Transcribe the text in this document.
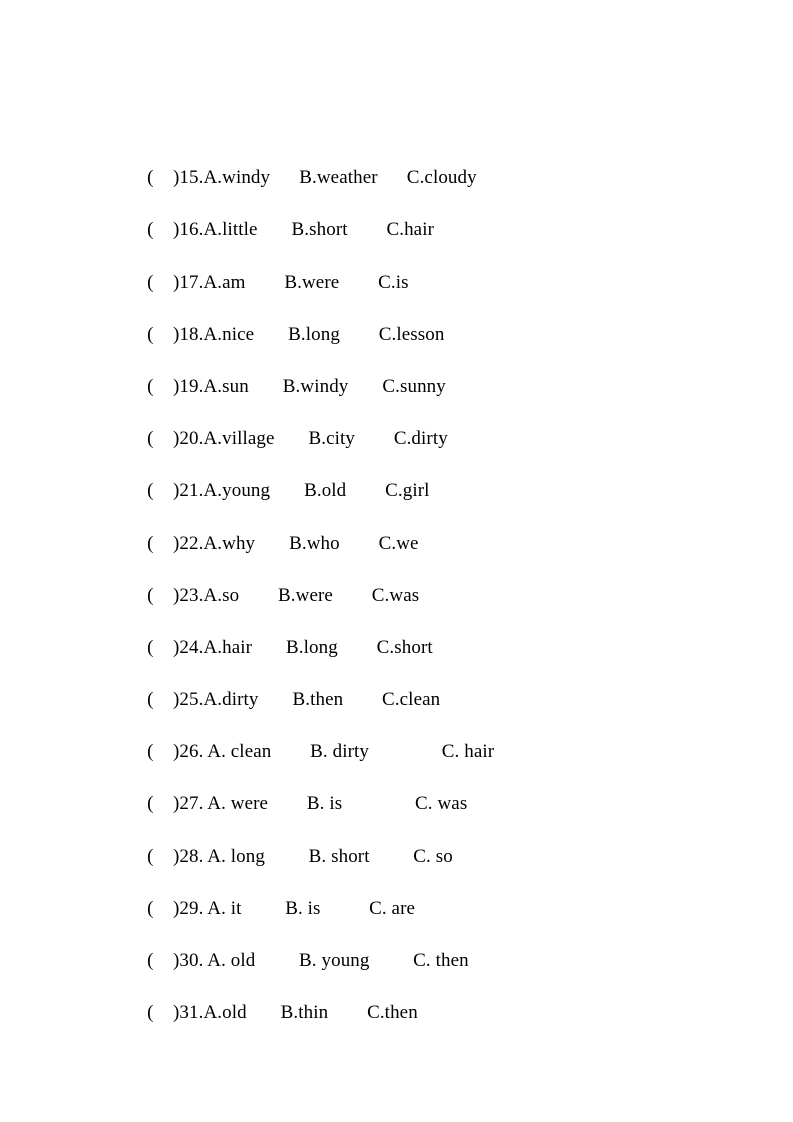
( )15.A.windy B.weather C.cloudy

( )16.A.little B.short C.hair

( )17.A.am B.were C.is

( )18.A.nice B.long C.lesson

( )19.A.sun B.windy C.sunny

( )20.A.village B.city C.dirty

( )21.A.young B.old C.girl

( )22.A.why B.who C.we

( )23.A.so B.were C.was

( )24.A.hair B.long C.short

( )25.A.dirty B.then C.clean

( )26. A. clean        B. dirty	C. hair

( )27. A. were        B. is	C. was

( )28. A. long         B. short         C. so

( )29. A. it         B. is          C. are

( )30. A. old         B. young         C. then

( )31.A.old B.thin C.then
